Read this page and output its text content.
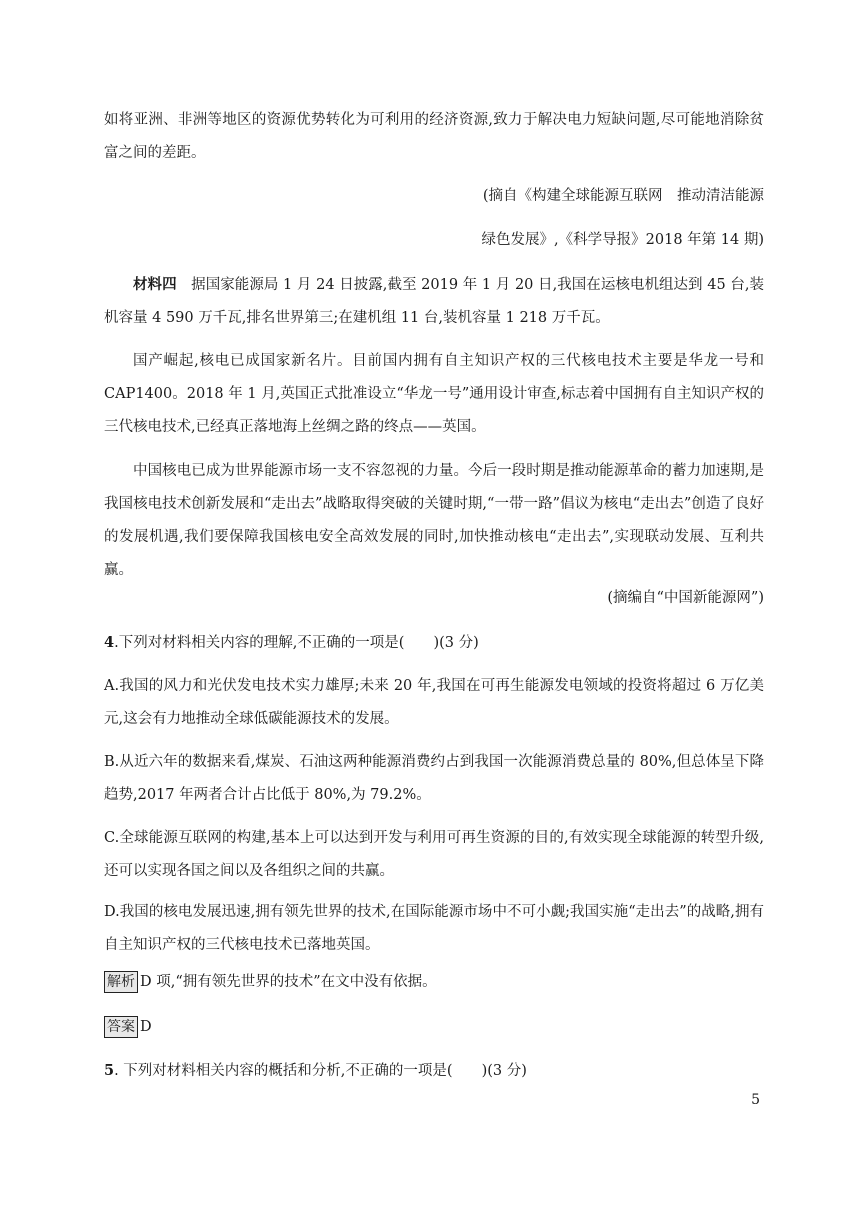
如将亚洲、非洲等地区的资源优势转化为可利用的经济资源,致力于解决电力短缺问题,尽可能地消除贫富之间的差距。
(摘自《构建全球能源互联网　推动清洁能源
绿色发展》,《科学导报》2018 年第 14 期)
材料四　 据国家能源局 1 月 24 日披露,截至 2019 年 1 月 20 日,我国在运核电机组达到 45 台,装机容量 4 590 万千瓦,排名世界第三;在建机组 11 台,装机容量 1 218 万千瓦。
国产崛起,核电已成国家新名片。目前国内拥有自主知识产权的三代核电技术主要是华龙一号和 CAP1400。2018 年 1 月,英国正式批准设立“华龙一号”通用设计审查,标志着中国拥有自主知识产权的三代核电技术,已经真正落地海上丝绸之路的终点——英国。
中国核电已成为世界能源市场一支不容忽视的力量。今后一段时期是推动能源革命的蓄力加速期,是我国核电技术创新发展和“走出去”战略取得突破的关键时期,“一带一路”倡议为核电“走出去”创造了良好的发展机遇,我们要保障我国核电安全高效发展的同时,加快推动核电“走出去”,实现联动发展、互利共赢。
(摘编自“中国新能源网”)
4.下列对材料相关内容的理解,不正确的一项是(　　)(3 分)
A.我国的风力和光伏发电技术实力雄厚;未来 20 年,我国在可再生能源发电领域的投资将超过 6 万亿美元,这会有力地推动全球低碳能源技术的发展。
B.从近六年的数据来看,煤炭、石油这两种能源消费约占到我国一次能源消费总量的 80%,但总体呈下降趋势,2017 年两者合计占比低于 80%,为 79.2%。
C.全球能源互联网的构建,基本上可以达到开发与利用可再生资源的目的,有效实现全球能源的转型升级,还可以实现各国之间以及各组织之间的共赢。
D.我国的核电发展迅速,拥有领先世界的技术,在国际能源市场中不可小觑;我国实施“走出去”的战略,拥有自主知识产权的三代核电技术已落地英国。
解析 D 项,“拥有领先世界的技术”在文中没有依据。
答案 D
5. 下列对材料相关内容的概括和分析,不正确的一项是(　　)(3 分)
5
